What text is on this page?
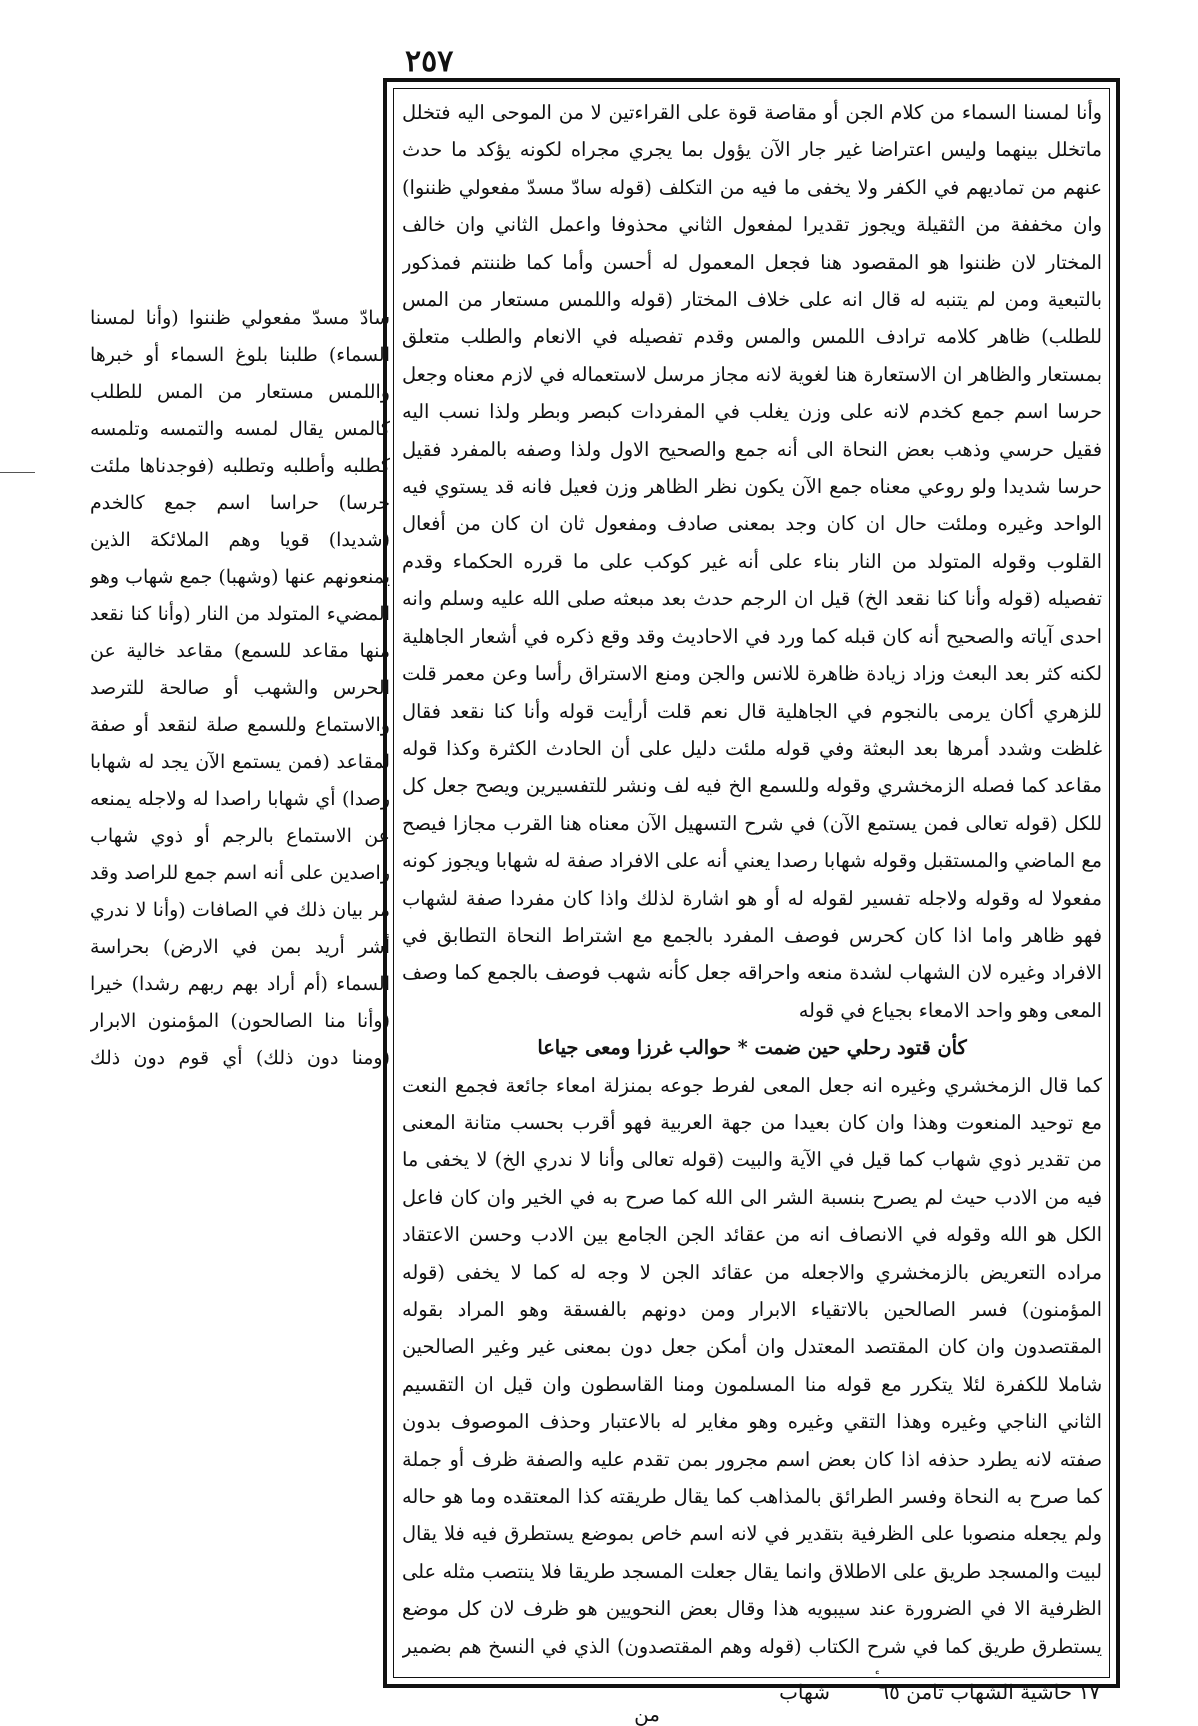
٢٥٧

وأنا لمسنا السماء من كلام الجن أو مقاصة قوة على القراءتين لا من الموحى اليه فتخلل ماتخلل بينهما وليس اعتراضا غير جار الآن يؤول بما يجري مجراه لكونه يؤكد ما حدث عنهم من تماديهم في الكفر ولا يخفى ما فيه من التكلف (قوله سادّ مسدّ مفعولي ظننوا) وان مخففة من الثقيلة ويجوز تقديرا لمفعول الثاني محذوفا واعمل الثاني وان خالف المختار لان ظننوا هو المقصود هنا فجعل المعمول له أحسن وأما كما ظننتم فمذكور بالتبعية ومن لم يتنبه له قال انه على خلاف المختار (قوله واللمس مستعار من المس للطلب) ظاهر كلامه ترادف اللمس والمس وقدم تفصيله في الانعام والطلب متعلق بمستعار والظاهر ان الاستعارة هنا لغوية لانه مجاز مرسل لاستعماله في لازم معناه وجعل حرسا اسم جمع كخدم لانه على وزن يغلب في المفردات كبصر وبطر ولذا نسب اليه فقيل حرسي وذهب بعض النحاة الى أنه جمع والصحيح الاول ولذا وصفه بالمفرد فقيل حرسا شديدا ولو روعي معناه جمع الآن يكون نظر الظاهر وزن فعيل فانه قد يستوي فيه الواحد وغيره وملئت حال ان كان وجد بمعنى صادف ومفعول ثان ان كان من أفعال القلوب وقوله المتولد من النار بناء على أنه غير كوكب على ما قرره الحكماء وقدم تفصيله (قوله وأنا كنا نقعد الخ) قيل ان الرجم حدث بعد مبعثه صلى الله عليه وسلم وانه احدى آياته والصحيح أنه كان قبله كما ورد في الاحاديث وقد وقع ذكره في أشعار الجاهلية لكنه كثر بعد البعث وزاد زيادة ظاهرة للانس والجن ومنع الاستراق رأسا وعن معمر قلت للزهري أكان يرمى بالنجوم في الجاهلية قال نعم قلت أرأيت قوله وأنا كنا نقعد فقال غلظت وشدد أمرها بعد البعثة وفي قوله ملئت دليل على أن الحادث الكثرة وكذا قوله مقاعد كما فصله الزمخشري وقوله وللسمع الخ فيه لف ونشر للتفسيرين ويصح جعل كل للكل (قوله تعالى فمن يستمع الآن) في شرح التسهيل الآن معناه هنا القرب مجازا فيصح مع الماضي والمستقبل وقوله شهابا رصدا يعني أنه على الافراد صفة له شهابا ويجوز كونه مفعولا له وقوله ولاجله تفسير لقوله له أو هو اشارة لذلك واذا كان مفردا صفة لشهاب فهو ظاهر واما اذا كان كحرس فوصف المفرد بالجمع مع اشتراط النحاة التطابق في الافراد وغيره لان الشهاب لشدة منعه واحراقه جعل كأنه شهب فوصف بالجمع كما وصف المعى وهو واحد الامعاء بجياع في قوله

كأن قتود رحلي حين ضمت * حوالب غرزا ومعى جياعا

كما قال الزمخشري وغيره انه جعل المعى لفرط جوعه بمنزلة امعاء جائعة فجمع النعت مع توحيد المنعوت وهذا وان كان بعيدا من جهة العربية فهو أقرب بحسب متانة المعنى من تقدير ذوي شهاب كما قيل في الآية والبيت (قوله تعالى وأنا لا ندري الخ) لا يخفى ما فيه من الادب حيث لم يصرح بنسبة الشر الى الله كما صرح به في الخير وان كان فاعل الكل هو الله وقوله في الانصاف انه من عقائد الجن الجامع بين الادب وحسن الاعتقاد مراده التعريض بالزمخشري والاجعله من عقائد الجن لا وجه له كما لا يخفى (قوله المؤمنون) فسر الصالحين بالاتقياء الابرار ومن دونهم بالفسقة وهو المراد بقوله المقتصدون وان كان المقتصد المعتدل وان أمكن جعل دون بمعنى غير وغير الصالحين شاملا للكفرة لئلا يتكرر مع قوله منا المسلمون ومنا القاسطون وان قيل ان التقسيم الثاني الناجي وغيره وهذا التقي وغيره وهو مغاير له بالاعتبار وحذف الموصوف بدون صفته لانه يطرد حذفه اذا كان بعض اسم مجرور بمن تقدم عليه والصفة ظرف أو جملة كما صرح به النحاة وفسر الطرائق بالمذاهب كما يقال طريقته كذا المعتقده وما هو حاله ولم يجعله منصوبا على الظرفية بتقدير في لانه اسم خاص بموضع يستطرق فيه فلا يقال لبيت والمسجد طريق على الاطلاق وانما يقال جعلت المسجد طريقا فلا ينتصب مثله على الظرفية الا في الضرورة عند سيبويه هذا وقال بعض النحويين هو ظرف لان كل موضع يستطرق طريق كما في شرح الكتاب (قوله وهم المقتصدون) الذي في النسخ هم بضمير

سادّ مسدّ مفعولي ظننوا (وأنا لمسنا السماء) طلبنا بلوغ السماء أو خبرها واللمس مستعار من المس للطلب كالمس يقال لمسه والتمسه وتلمسه كطلبه وأطلبه وتطلبه (فوجدناها ملئت حرسا) حراسا اسم جمع كالخدم (شديدا) قويا وهم الملائكة الذين يمنعونهم عنها (وشهبا) جمع شهاب وهو المضيء المتولد من النار (وأنا كنا نقعد منها مقاعد للسمع) مقاعد خالية عن الحرس والشهب أو صالحة للترصد والاستماع وللسمع صلة لنقعد أو صفة لمقاعد (فمن يستمع الآن يجد له شهابا رصدا) أي شهابا راصدا له ولاجله يمنعه عن الاستماع بالرجم أو ذوي شهاب راصدين على أنه اسم جمع للراصد وقد مر بيان ذلك في الصافات (وأنا لا ندري أشر أريد بمن في الارض) بحراسة السماء (أم أراد بهم ربهم رشدا) خيرا (وأنا منا الصالحون) المؤمنون الابرار (ومنا دون ذلك) أي قوم دون ذلك

١٧ حاشية الشهاب ثامن ٦٥
شهاب
من
